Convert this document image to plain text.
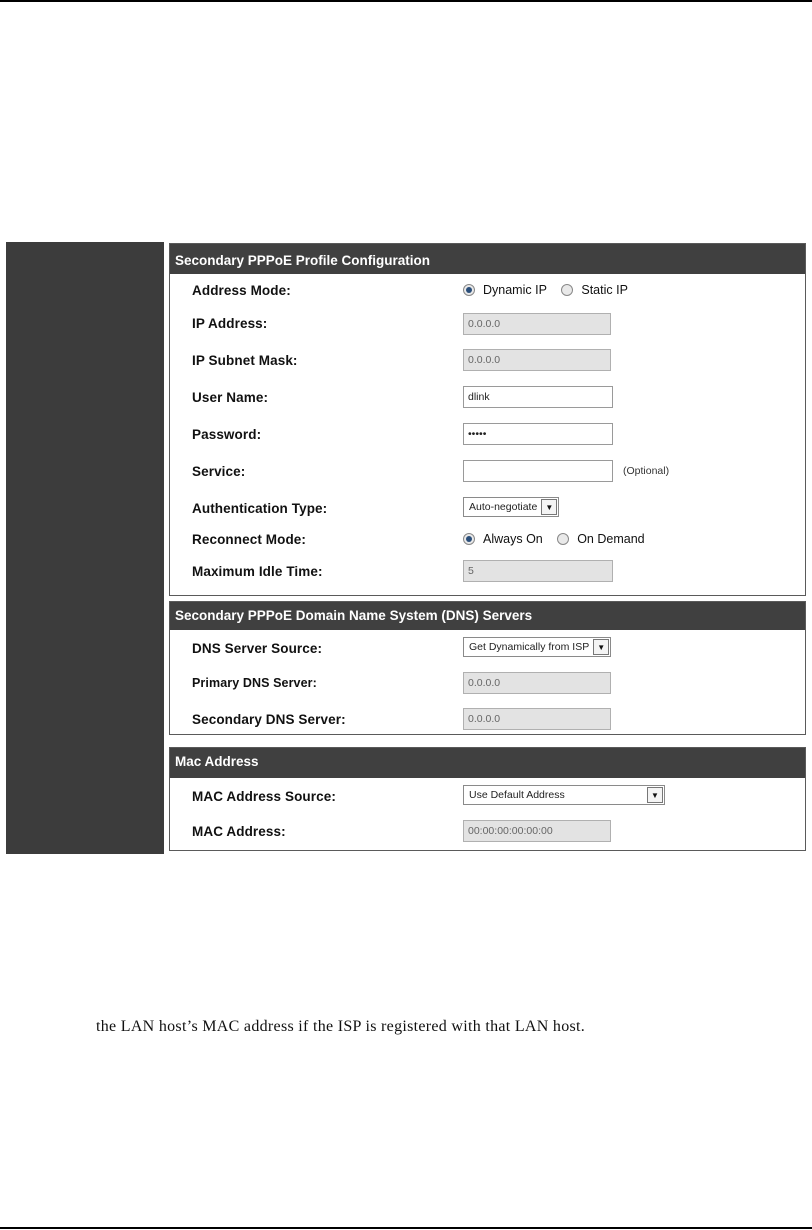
Secondary PPPoE Profile Configuration
Address Mode:	Dynamic IP
	Static IP
IP Address:	0.0.0.0
IP Subnet Mask:	0.0.0.0
User Name:	dlink
Password:	•••••
Service:	(Optional)
Authentication Type:	Auto-negotiate	▼
Reconnect Mode:	Always On
	On Demand
Maximum Idle Time:	5
Secondary PPPoE Domain Name System (DNS) Servers
DNS Server Source:	Get Dynamically from ISP	▼
Primary DNS Server:	0.0.0.0
Secondary DNS Server:	0.0.0.0
Mac Address
MAC Address Source:	Use Default Address	▼
MAC Address:	00:00:00:00:00:00
the LAN host’s MAC address if the ISP is registered with that LAN host.
